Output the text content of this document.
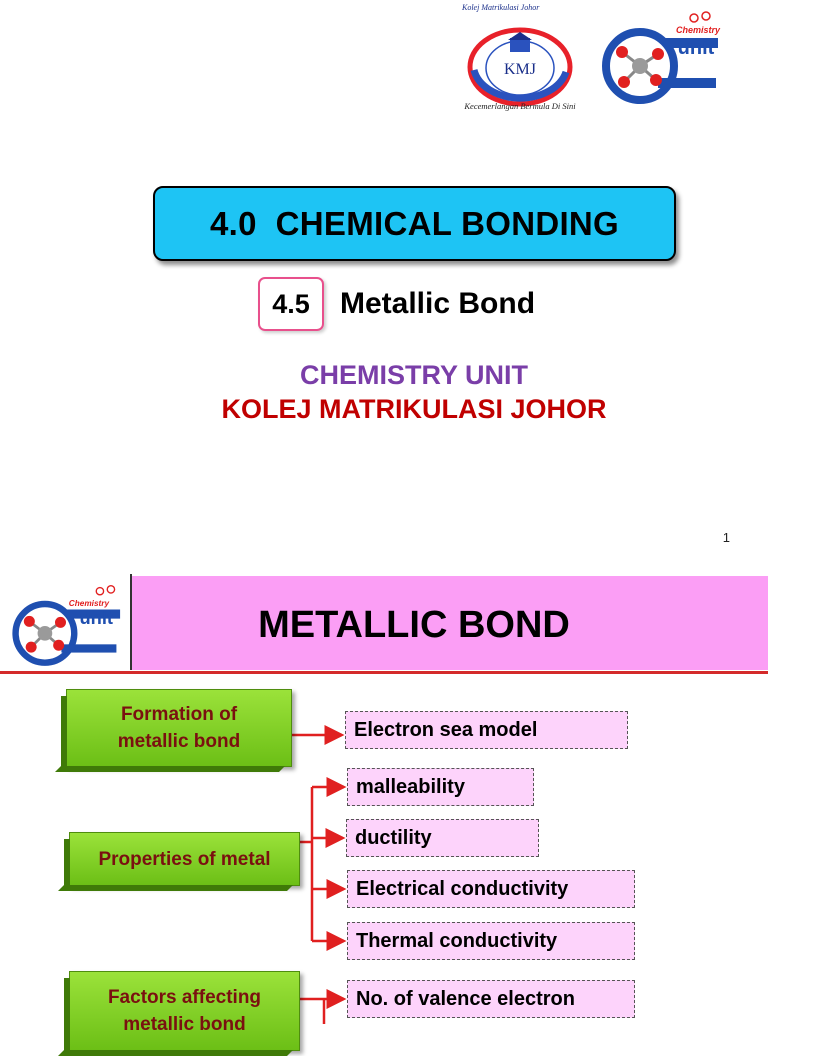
Kolej Matrikulasi Johor
KMJ
Kecemerlangan Bermula Di Sini
Chemistry
unit
4.0  CHEMICAL BONDING
4.5	Metallic Bond
CHEMISTRY UNIT
KOLEJ MATRIKULASI JOHOR
1
Chemistry
unit	METALLIC BOND
Formation of
metallic bond
Properties of metal
Factors affecting
metallic bond
Electron sea model
malleability
ductility
Electrical conductivity
Thermal conductivity
No. of valence electron
